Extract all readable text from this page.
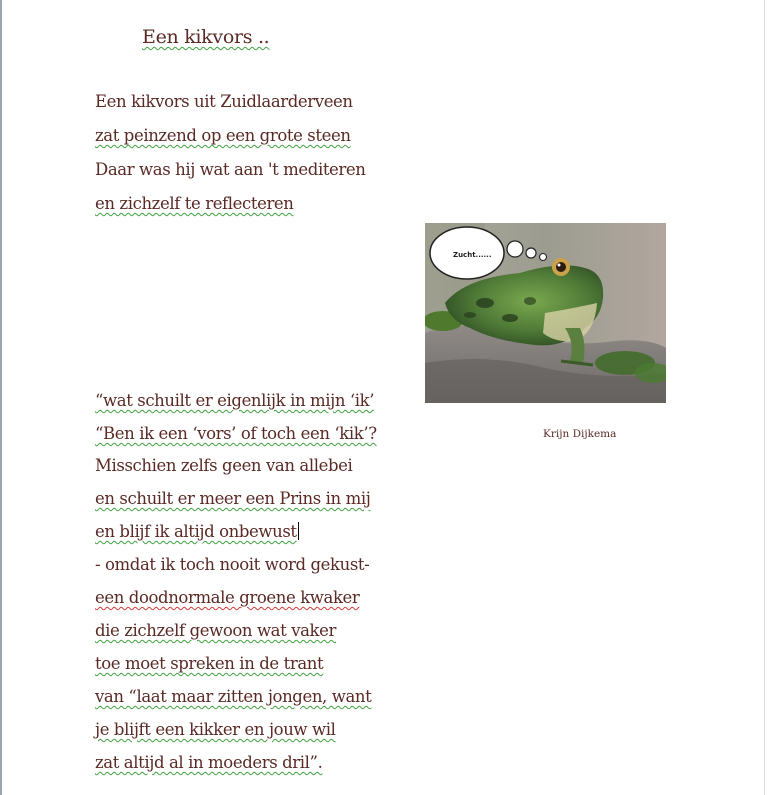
Een kikvors ..
Een kikvors uit Zuidlaarderveen
zat peinzend op een grote steen
Daar was hij wat aan 't mediteren
en zichzelf te reflecteren
Zucht......
Krijn Dijkema
“wat schuilt er eigenlijk in mijn ‘ik’
“Ben ik een ‘vors’ of toch een ‘kik’?
Misschien zelfs geen van allebei
en schuilt er meer een Prins in mij
en blijf ik altijd onbewust
- omdat ik toch nooit word gekust-
een doodnormale groene kwaker
die zichzelf gewoon wat vaker
toe moet spreken in de trant
van “laat maar zitten jongen, want
je blijft een kikker en jouw wil
zat altijd al in moeders dril”.
